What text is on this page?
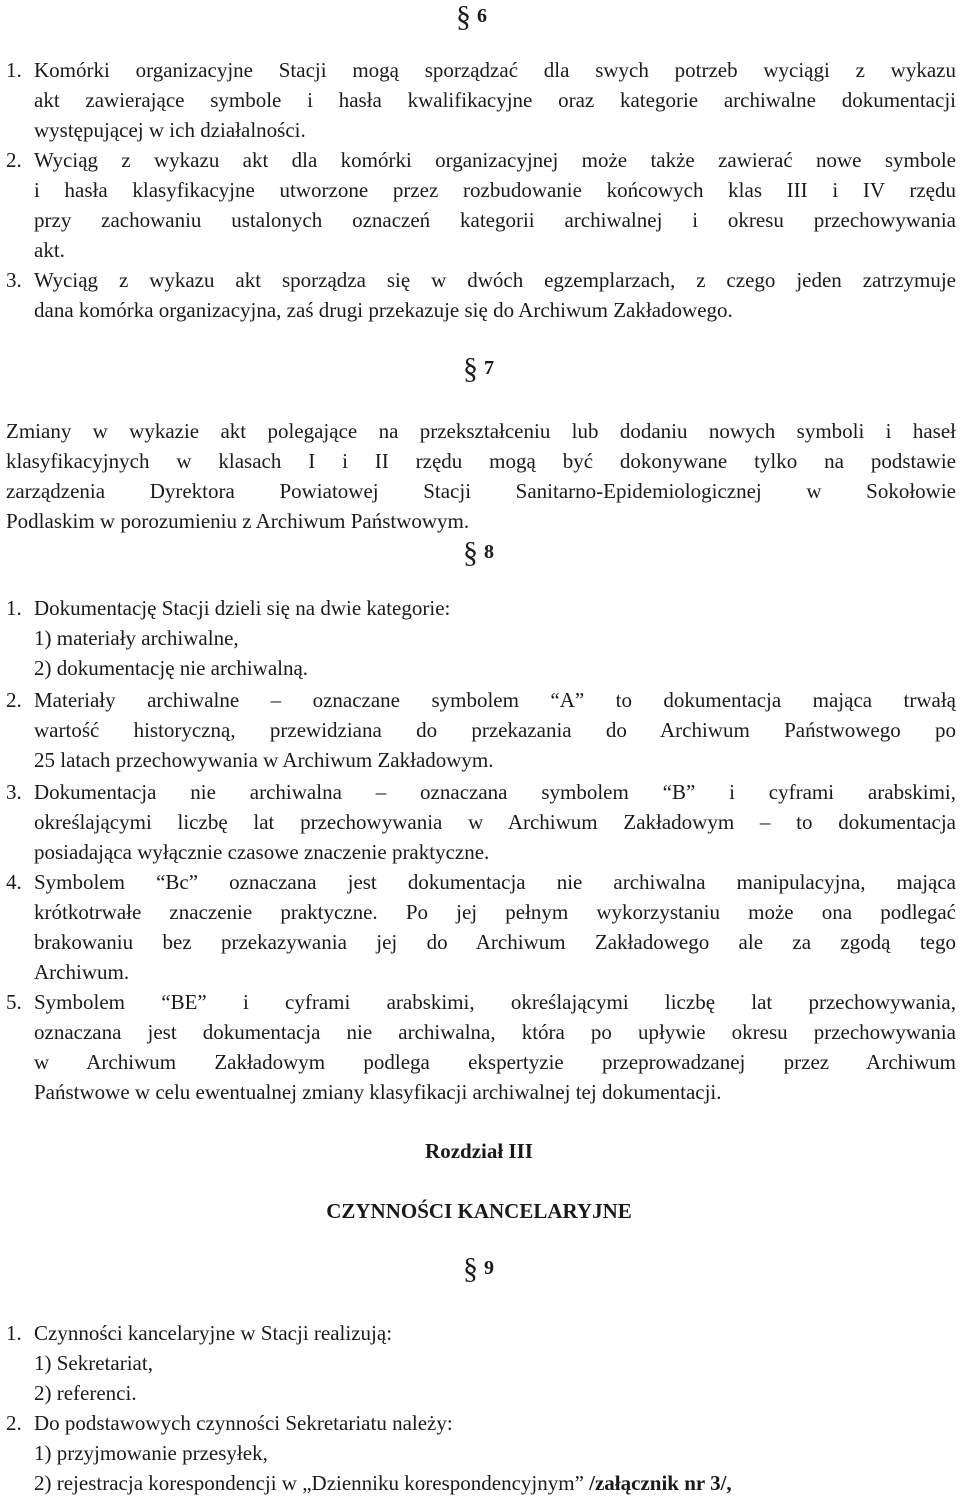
§ 6
1. Komórki organizacyjne Stacji mogą sporządzać dla swych potrzeb wyciągi z wykazu
akt zawierające symbole i hasła kwalifikacyjne oraz kategorie archiwalne dokumentacji
występującej w ich działalności.
2. Wyciąg z wykazu akt dla komórki organizacyjnej może także zawierać nowe symbole
i hasła klasyfikacyjne utworzone przez rozbudowanie końcowych klas III i IV rzędu
przy zachowaniu ustalonych oznaczeń kategorii archiwalnej i okresu przechowywania
akt.
3. Wyciąg z wykazu akt sporządza się w dwóch egzemplarzach, z czego jeden zatrzymuje
dana komórka organizacyjna, zaś drugi przekazuje się do Archiwum Zakładowego.
§ 7
Zmiany w wykazie akt polegające na przekształceniu lub dodaniu nowych symboli i haseł
klasyfikacyjnych w klasach I i II rzędu mogą być dokonywane tylko na podstawie
zarządzenia Dyrektora Powiatowej Stacji Sanitarno-Epidemiologicznej w Sokołowie
Podlaskim w porozumieniu z Archiwum Państwowym.
§ 8
1. Dokumentację Stacji dzieli się na dwie kategorie:
1) materiały archiwalne,
2) dokumentację nie archiwalną.
2. Materiały archiwalne – oznaczane symbolem “A” to dokumentacja mająca trwałą
wartość historyczną, przewidziana do przekazania do Archiwum Państwowego po
25 latach przechowywania w Archiwum Zakładowym.
3. Dokumentacja nie archiwalna – oznaczana symbolem “B” i cyframi arabskimi,
określającymi liczbę lat przechowywania w Archiwum Zakładowym – to dokumentacja
posiadająca wyłącznie czasowe znaczenie praktyczne.
4. Symbolem “Bc” oznaczana jest dokumentacja nie archiwalna manipulacyjna, mająca
krótkotrwałe znaczenie praktyczne. Po jej pełnym wykorzystaniu może ona podlegać
brakowaniu bez przekazywania jej do Archiwum Zakładowego ale za zgodą tego
Archiwum.
5. Symbolem “BE” i cyframi arabskimi, określającymi liczbę lat przechowywania,
oznaczana jest dokumentacja nie archiwalna, która po upływie okresu przechowywania
w Archiwum Zakładowym podlega ekspertyzie przeprowadzanej przez Archiwum
Państwowe w celu ewentualnej zmiany klasyfikacji archiwalnej tej dokumentacji.
Rozdział III
CZYNNOŚCI KANCELARYJNE
§ 9
1. Czynności kancelaryjne w Stacji realizują:
1) Sekretariat,
2) referenci.
2. Do podstawowych czynności Sekretariatu należy:
1) przyjmowanie przesyłek,
2) rejestracja korespondencji w „Dzienniku korespondencyjnym” /załącznik nr 3/,
